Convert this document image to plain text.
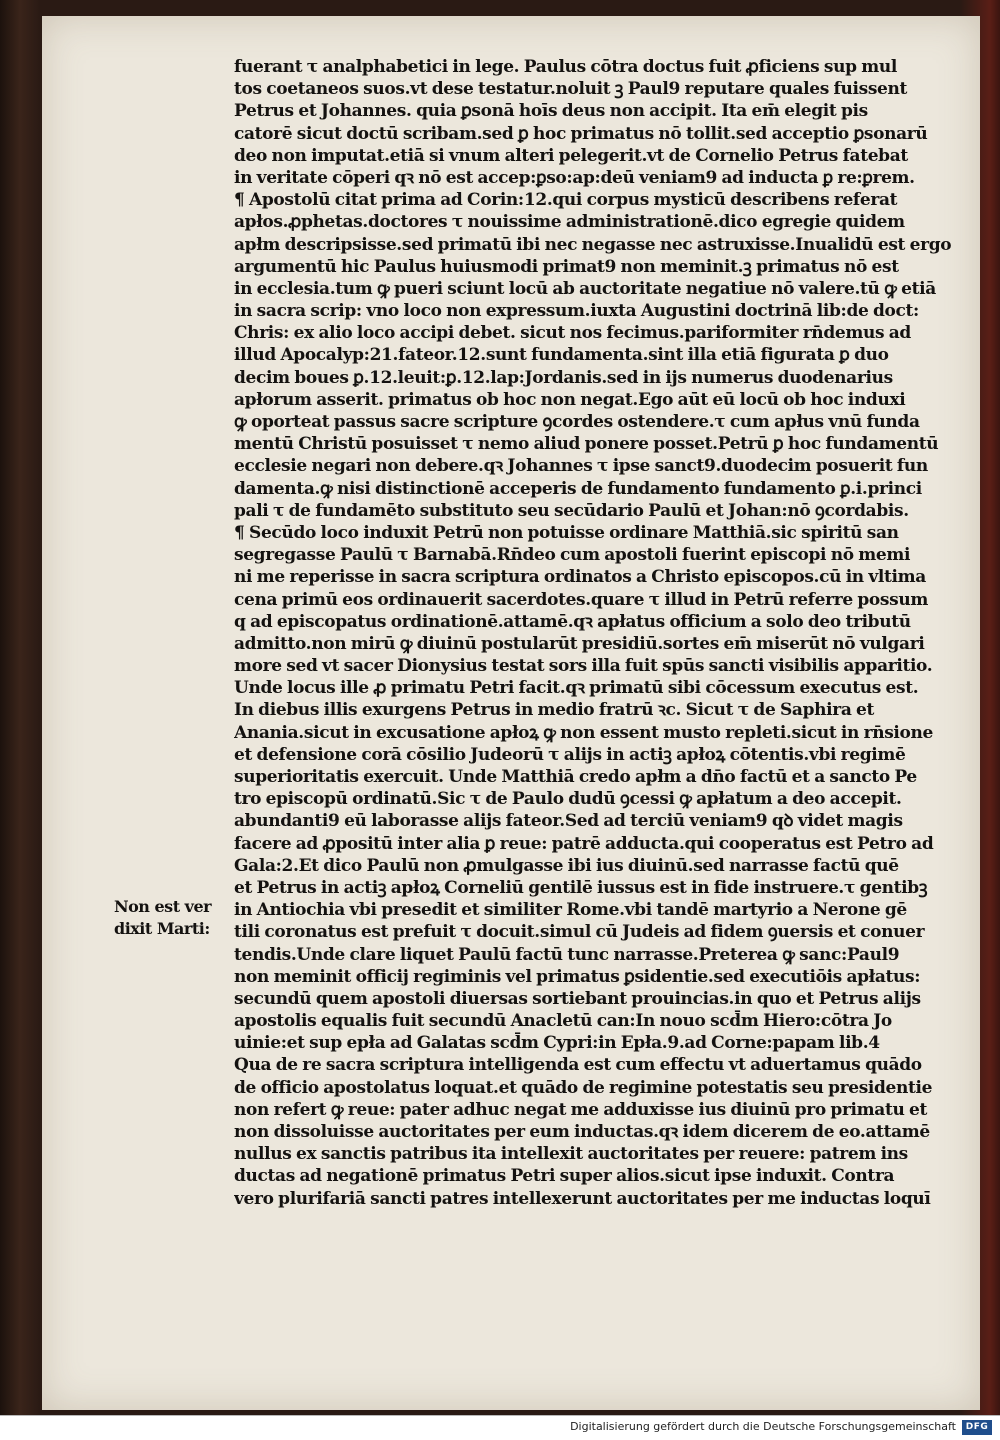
fuerant τ analphabetici in lege. Paulus cōtra doctus fuit ꝓficiens sup mul
tos coetaneos suos.vt dese testatur.noluit ꝫ Paul9 reputare quales fuissent
Petrus et Johannes. quia ꝑsonā hoīs deus non accipit. Ita em̄ elegit pis
catorē sicut doctū scribam.sed ꝑ hoc primatus nō tollit.sed acceptio ꝑsonarū
deo non imputat.etiā si vnum alteri pelegerit.vt de Cornelio Petrus fatebat
in veritate cōperi qꝛ nō est accep:ꝑso:ap:deū veniam9 ad inducta ꝑ re:ꝑrem.
¶ Apostolū citat prima ad Corin:12.qui corpus mysticū describens referat
apłos.ꝓphetas.doctores τ nouissime administrationē.dico egregie quidem
apłm descripsisse.sed primatū ibi nec negasse nec astruxisse.Inualidū est ergo
argumentū hic Paulus huiusmodi primat9 non meminit.ꝫ primatus nō est
in ecclesia.tum ꝙ pueri sciunt locū ab auctoritate negatiue nō valere.tū ꝙ etiā
in sacra scrip: vno loco non expressum.iuxta Augustini doctrinā lib:de doct:
Chris: ex alio loco accipi debet. sicut nos fecimus.pariformiter rn̄demus ad
illud Apocalyp:21.fateor.12.sunt fundamenta.sint illa etiā figurata ꝑ duo
decim boues ꝑ.12.leuit:ꝑ.12.lap:Jordanis.sed in ijs numerus duodenarius
apłorum asserit. primatus ob hoc non negat.Ego aūt eū locū ob hoc induxi
ꝙ oporteat passus sacre scripture ꝯcordes ostendere.τ cum apłus vnū funda
mentū Christū posuisset τ nemo aliud ponere posset.Petrū ꝑ hoc fundamentū
ecclesie negari non debere.qꝛ Johannes τ ipse sanct9.duodecim posuerit fun
damenta.ꝙ nisi distinctionē acceperis de fundamento fundamento ꝑ.i.princi
pali τ de fundamēto substituto seu secūdario Paulū et Johan:nō ꝯcordabis.
¶ Secūdo loco induxit Petrū non potuisse ordinare Matthiā.sic spiritū san
segregasse Paulū τ Barnabā.Rn̄deo cum apostoli fuerint episcopi nō memi
ni me reperisse in sacra scriptura ordinatos a Christo episcopos.cū in vltima
cena primū eos ordinauerit sacerdotes.quare τ illud in Petrū referre possum
q ad episcopatus ordinationē.attamē.qꝛ apłatus officium a solo deo tributū
admitto.non mirū ꝙ diuinū postularūt presidiū.sortes em̄ miserūt nō vulgari
more sed vt sacer Dionysius testat sors illa fuit spūs sancti visibilis apparitio.
Unde locus ille ꝓ primatu Petri facit.qꝛ primatū sibi cōcessum executus est.
In diebus illis exurgens Petrus in medio fratrū ꝛc. Sicut τ de Saphira et
Anania.sicut in excusatione apłoꝝ ꝙ non essent musto repleti.sicut in rn̄sione
et defensione corā cōsilio Judeorū τ alijs in actiꝫ apłoꝝ cōtentis.vbi regimē
superioritatis exercuit. Unde Matthiā credo apłm a dn̄o factū et a sancto Pe
tro episcopū ordinatū.Sic τ de Paulo dudū ꝯcessi ꝙ apłatum a deo accepit.
abundanti9 eū laborasse alijs fateor.Sed ad terciū veniam9 qꝺ videt magis
facere ad ꝓpositū inter alia ꝑ reue: patrē adducta.qui cooperatus est Petro ad
Gala:2.Et dico Paulū non ꝓmulgasse ibi ius diuinū.sed narrasse factū quē
et Petrus in actiꝫ apłoꝝ Corneliū gentilē iussus est in fide instruere.τ gentibꝫ
in Antiochia vbi presedit et similiter Rome.vbi tandē martyrio a Nerone gē
tili coronatus est prefuit τ docuit.simul cū Judeis ad fidem ꝯuersis et conuer
tendis.Unde clare liquet Paulū factū tunc narrasse.Preterea ꝙ sanc:Paul9
non meminit officij regiminis vel primatus ꝑsidentie.sed executiōis apłatus:
secundū quem apostoli diuersas sortiebant prouincias.in quo et Petrus alijs
apostolis equalis fuit secundū Anacletū can:In nouo scd̄m Hiero:cōtra Jo
uinie:et sup epła ad Galatas scd̄m Cypri:in Epła.9.ad Corne:papam lib.4
Qua de re sacra scriptura intelligenda est cum effectu vt aduertamus quādo
de officio apostolatus loquat.et quādo de regimine potestatis seu presidentie
non refert ꝙ reue: pater adhuc negat me adduxisse ius diuinū pro primatu et
non dissoluisse auctoritates per eum inductas.qꝛ idem dicerem de eo.attamē
nullus ex sanctis patribus ita intellexit auctoritates per reuere: patrem ins
ductas ad negationē primatus Petri super alios.sicut ipse induxit. Contra
vero plurifariā sancti patres intellexerunt auctoritates per me inductas loquī
Non est ver
dixit Marti:
Digitalisierung gefördert durch die Deutsche Forschungsgemeinschaft	DFG
